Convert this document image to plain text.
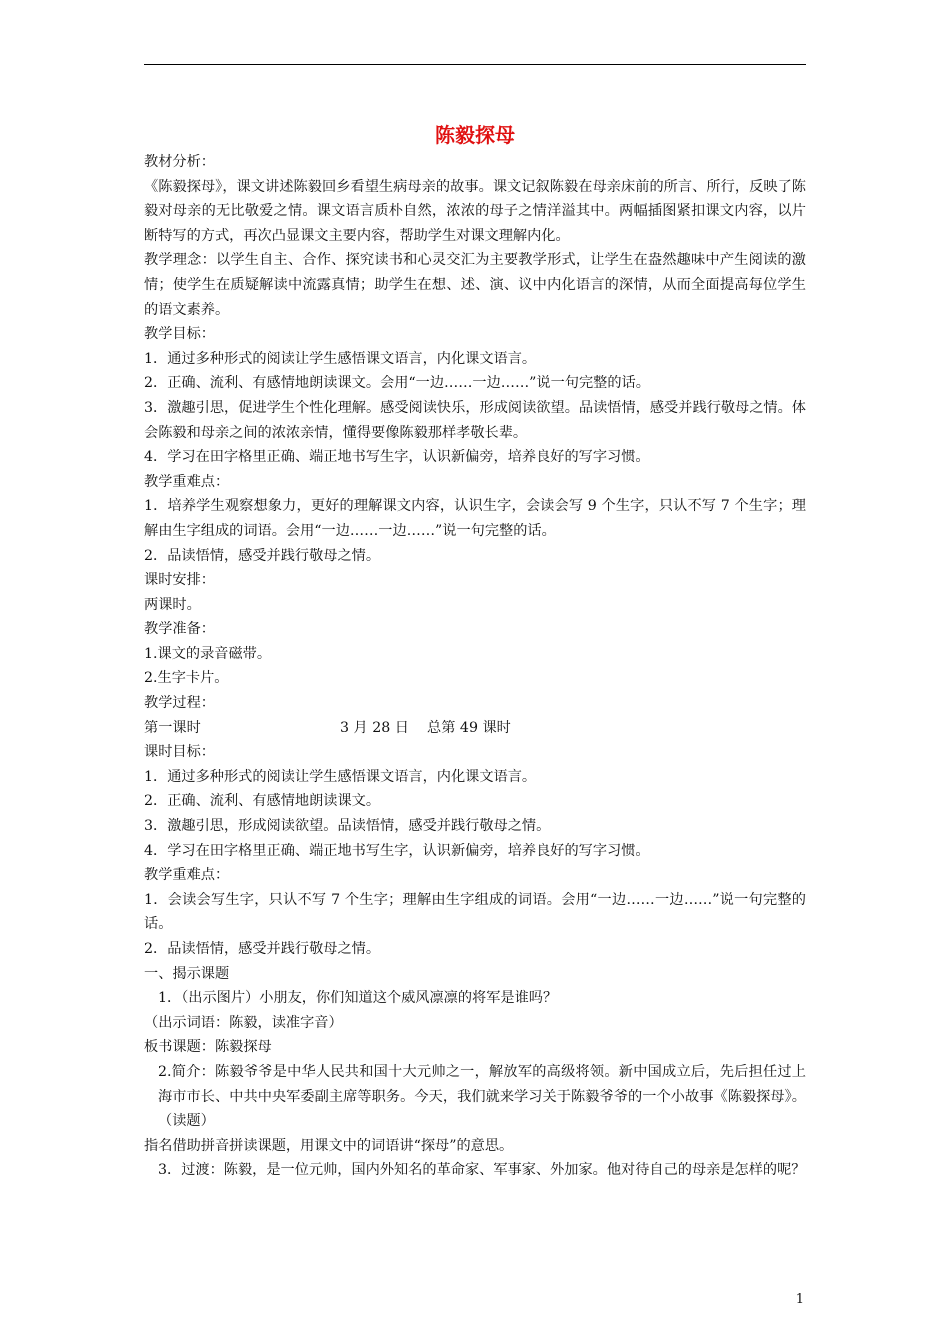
陈毅探母

教材分析：

《陈毅探母》，课文讲述陈毅回乡看望生病母亲的故事。课文记叙陈毅在母亲床前的所言、所行，反映了陈毅对母亲的无比敬爱之情。课文语言质朴自然，浓浓的母子之情洋溢其中。两幅插图紧扣课文内容，以片断特写的方式，再次凸显课文主要内容，帮助学生对课文理解内化。

教学理念：以学生自主、合作、探究读书和心灵交汇为主要教学形式，让学生在盎然趣味中产生阅读的激情；使学生在质疑解读中流露真情；助学生在想、述、演、议中内化语言的深情，从而全面提高每位学生的语文素养。

教学目标：

1．通过多种形式的阅读让学生感悟课文语言，内化课文语言。

2．正确、流利、有感情地朗读课文。会用“一边……一边……”说一句完整的话。

3．激趣引思，促进学生个性化理解。感受阅读快乐，形成阅读欲望。品读悟情，感受并践行敬母之情。体会陈毅和母亲之间的浓浓亲情，懂得要像陈毅那样孝敬长辈。

4．学习在田字格里正确、端正地书写生字，认识新偏旁，培养良好的写字习惯。

教学重难点：

1．培养学生观察想象力，更好的理解课文内容，认识生字，会读会写 9 个生字，只认不写 7 个生字；理解由生字组成的词语。会用“一边……一边……”说一句完整的话。

2．品读悟情，感受并践行敬母之情。

课时安排：

两课时。

教学准备：

1.课文的录音磁带。

2.生字卡片。

教学过程：

第一课时	3 月 28 日 总第 49 课时

课时目标：

1．通过多种形式的阅读让学生感悟课文语言，内化课文语言。

2．正确、流利、有感情地朗读课文。

3．激趣引思，形成阅读欲望。品读悟情，感受并践行敬母之情。

4．学习在田字格里正确、端正地书写生字，认识新偏旁，培养良好的写字习惯。

教学重难点：

1．会读会写生字，只认不写 7 个生字；理解由生字组成的词语。会用“一边……一边……”说一句完整的话。

2．品读悟情，感受并践行敬母之情。

一、揭示课题

1．（出示图片）小朋友，你们知道这个威风凛凛的将军是谁吗？

（出示词语：陈毅，读准字音）

板书课题：陈毅探母

2.简介：陈毅爷爷是中华人民共和国十大元帅之一，解放军的高级将领。新中国成立后，先后担任过上海市市长、中共中央军委副主席等职务。今天，我们就来学习关于陈毅爷爷的一个小故事《陈毅探母》。（读题）

指名借助拼音拼读课题，用课文中的词语讲“探母”的意思。

3．过渡：陈毅，是一位元帅，国内外知名的革命家、军事家、外加家。他对待自己的母亲是怎样的呢？

1
